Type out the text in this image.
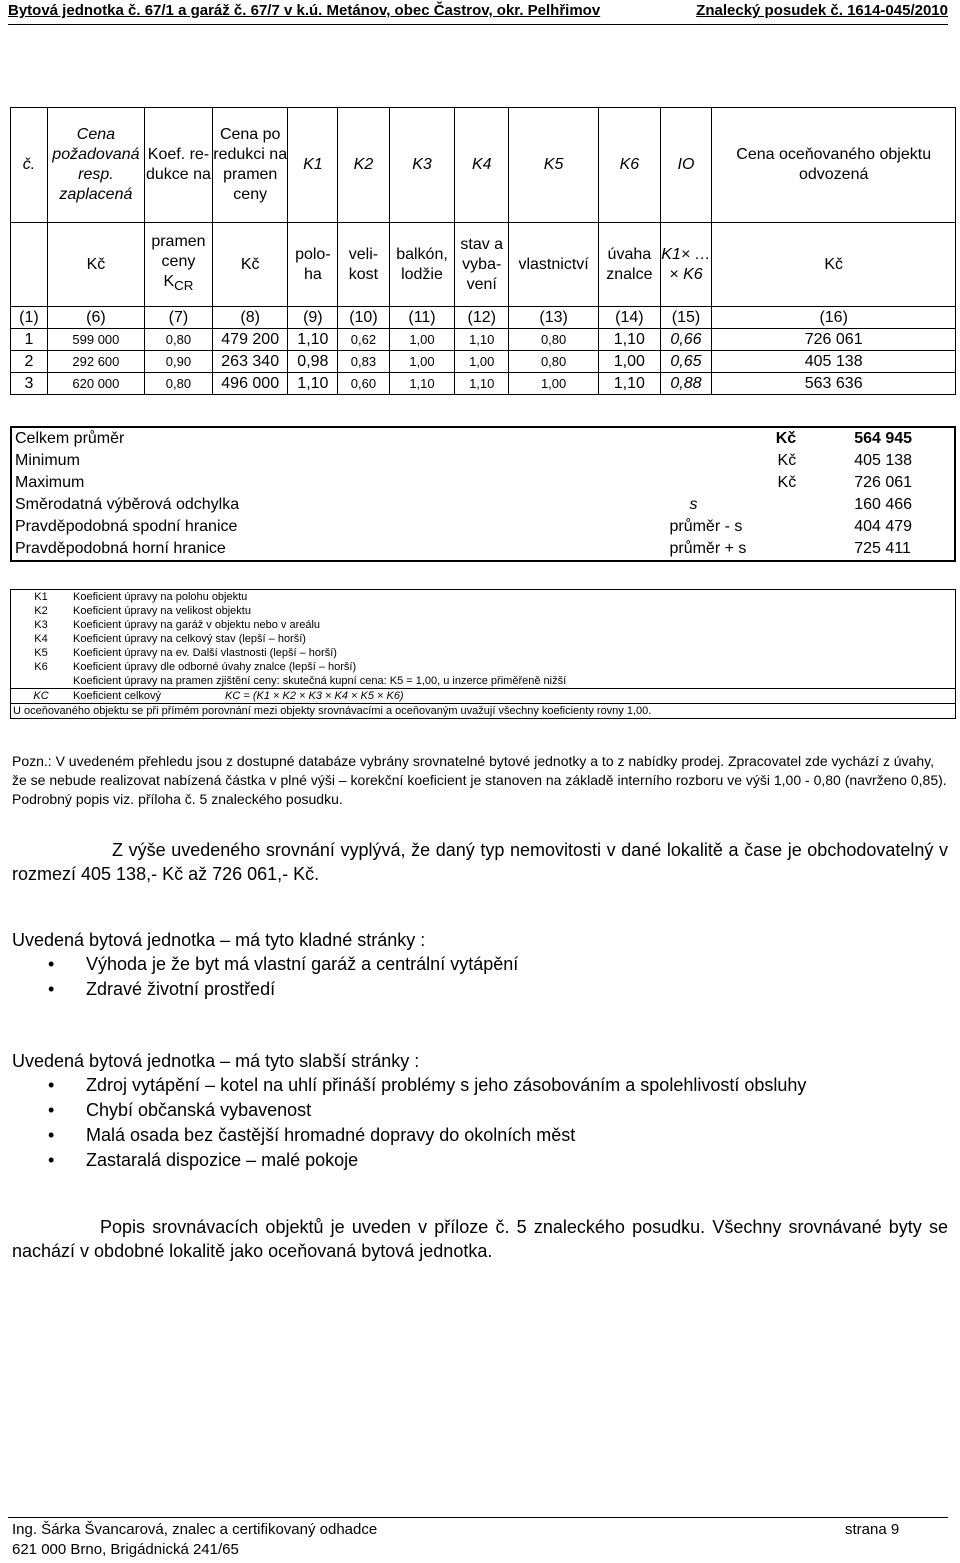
Bytová jednotka č. 67/1 a garáž č. 67/7 v k.ú. Metánov, obec Častrov, okr. Pelhřimov	Znalecký posudek č. 1614-045/2010
č.	Cena požadovaná resp. zaplacená	Koef. re-dukce na	Cena po redukci na pramen ceny	K1	K2	K3	K4	K5	K6	IO	Cena oceňovaného objektu odvozená
	Kč	pramen ceny $K_{CR}$	Kč	polo-ha	veli-kost	balkón, lodžie	stav a vyba-vení	vlastnictví	úvaha znalce	K1× … × K6	Kč
(1)	(6)	(7)	(8)	(9)	(10)	(11)	(12)	(13)	(14)	(15)	(16)
1	599 000	0,80	479 200	1,10	0,62	1,00	1,10	0,80	1,10	0,66	726 061
2	292 600	0,90	263 340	0,98	0,83	1,00	1,00	0,80	1,00	0,65	405 138
3	620 000	0,80	496 000	1,10	0,60	1,10	1,10	1,00	1,10	0,88	563 636
Celkem průměr	Kč	564 945
Minimum	Kč	405 138
Maximum	Kč	726 061
Směrodatná výběrová odchylka	s	160 466
Pravděpodobná spodní hranice	průměr - s	404 479
Pravděpodobná horní hranice	průměr + s	725 411
K1	Koeficient úpravy na polohu objektu
K2	Koeficient úpravy na velikost objektu
K3	Koeficient úpravy na garáž v objektu nebo v areálu
K4	Koeficient úpravy na celkový stav (lepší – horší)
K5	Koeficient úpravy na ev. Další vlastnosti (lepší – horší)
K6	Koeficient úpravy dle odborné úvahy znalce (lepší – horší)
	Koeficient úpravy na pramen zjištění ceny: skutečná kupní cena: K5 = 1,00, u inzerce přiměřeně nižší
KC	Koeficient celkový KC = (K1 × K2 × K3 × K4 × K5 × K6)
U oceňovaného objektu se při přímém porovnání mezi objekty srovnávacími a oceňovaným uvažují všechny koeficienty rovny 1,00.	
Pozn.: V uvedeném přehledu jsou z dostupné databáze vybrány srovnatelné bytové jednotky a to z nabídky prodej. Zpracovatel zde vychází z úvahy, že se nebude realizovat nabízená částka v plné výši – korekční koeficient je stanoven na základě interního rozboru ve výši 1,00 - 0,80 (navrženo 0,85). Podrobný popis viz. příloha č. 5 znaleckého posudku.
Z výše uvedeného srovnání vyplývá, že daný typ nemovitosti v dané lokalitě a čase je obchodovatelný v rozmezí 405 138,- Kč až 726 061,- Kč.
Uvedená bytová jednotka – má tyto kladné stránky :
• Výhoda je že byt má vlastní garáž a centrální vytápění
• Zdravé životní prostředí
Uvedená bytová jednotka – má tyto slabší stránky :
• Zdroj vytápění – kotel na uhlí přináší problémy s jeho zásobováním a spolehlivostí obsluhy
• Chybí občanská vybavenost
• Malá osada bez častější hromadné dopravy do okolních měst
• Zastaralá dispozice – malé pokoje
Popis srovnávacích objektů je uveden v příloze č. 5 znaleckého posudku. Všechny srovnávané byty se nachází v obdobné lokalitě jako oceňovaná bytová jednotka.
Ing. Šárka Švancarová, znalec a certifikovaný odhadce
621 000 Brno, Brigádnická 241/65
strana 9
